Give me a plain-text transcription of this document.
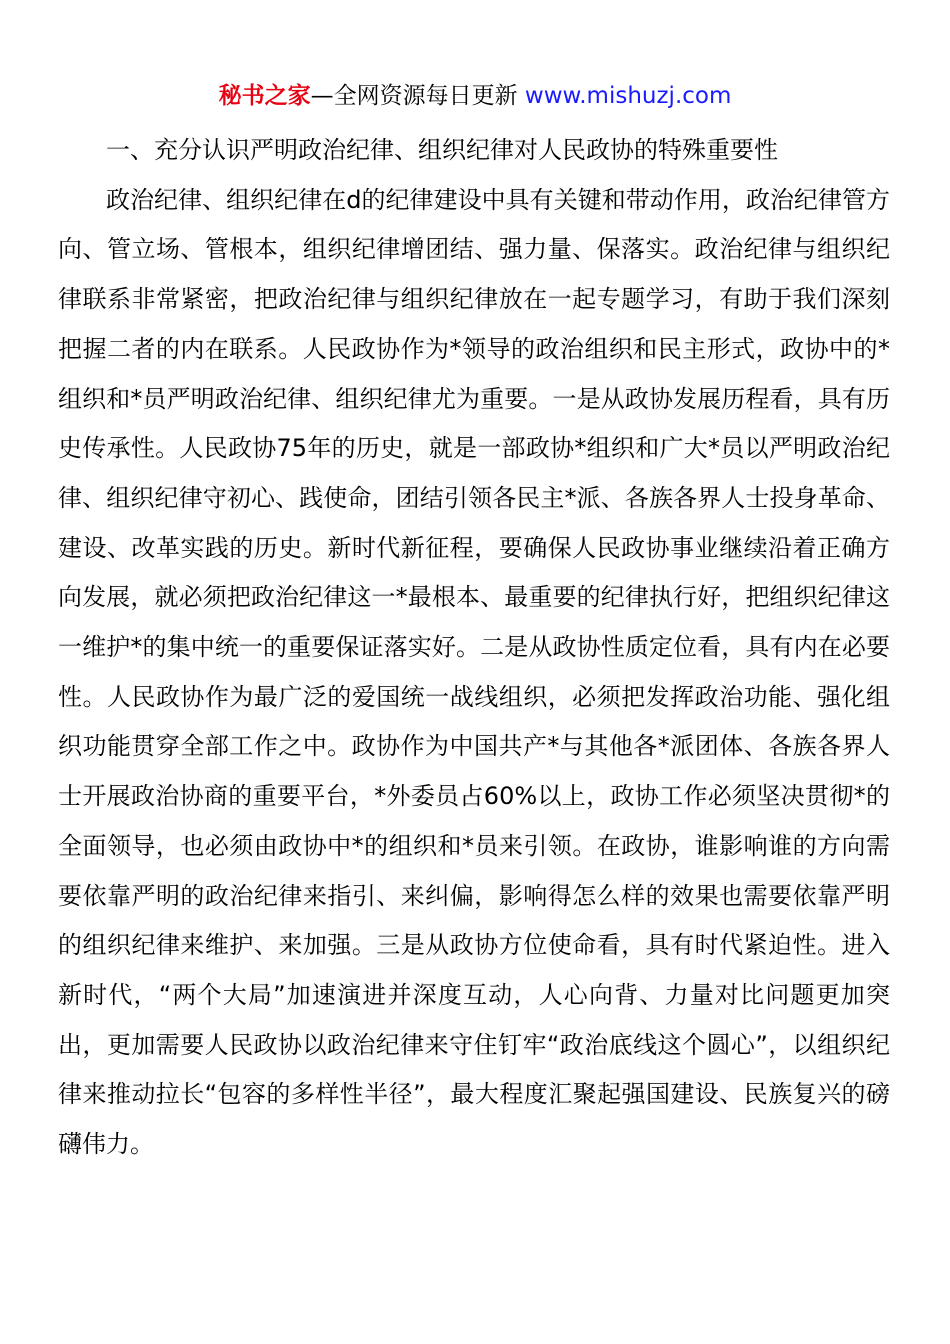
秘书之家—全网资源每日更新 www.mishuzj.com

一、充分认识严明政治纪律、组织纪律对人民政协的特殊重要性

政治纪律、组织纪律在d的纪律建设中具有关键和带动作用，政治纪律管方向、管立场、管根本，组织纪律增团结、强力量、保落实。政治纪律与组织纪律联系非常紧密，把政治纪律与组织纪律放在一起专题学习，有助于我们深刻把握二者的内在联系。人民政协作为*领导的政治组织和民主形式，政协中的*组织和*员严明政治纪律、组织纪律尤为重要。一是从政协发展历程看，具有历史传承性。人民政协75年的历史，就是一部政协*组织和广大*员以严明政治纪律、组织纪律守初心、践使命，团结引领各民主*派、各族各界人士投身革命、建设、改革实践的历史。新时代新征程，要确保人民政协事业继续沿着正确方向发展，就必须把政治纪律这一*最根本、最重要的纪律执行好，把组织纪律这一维护*的集中统一的重要保证落实好。二是从政协性质定位看，具有内在必要性。人民政协作为最广泛的爱国统一战线组织，必须把发挥政治功能、强化组织功能贯穿全部工作之中。政协作为中国共产*与其他各*派团体、各族各界人士开展政治协商的重要平台，*外委员占60%以上，政协工作必须坚决贯彻*的全面领导，也必须由政协中*的组织和*员来引领。在政协，谁影响谁的方向需要依靠严明的政治纪律来指引、来纠偏，影响得怎么样的效果也需要依靠严明的组织纪律来维护、来加强。三是从政协方位使命看，具有时代紧迫性。进入新时代，“两个大局”加速演进并深度互动，人心向背、力量对比问题更加突出，更加需要人民政协以政治纪律来守住钉牢“政治底线这个圆心”，以组织纪律来推动拉长“包容的多样性半径”，最大程度汇聚起强国建设、民族复兴的磅礴伟力。
